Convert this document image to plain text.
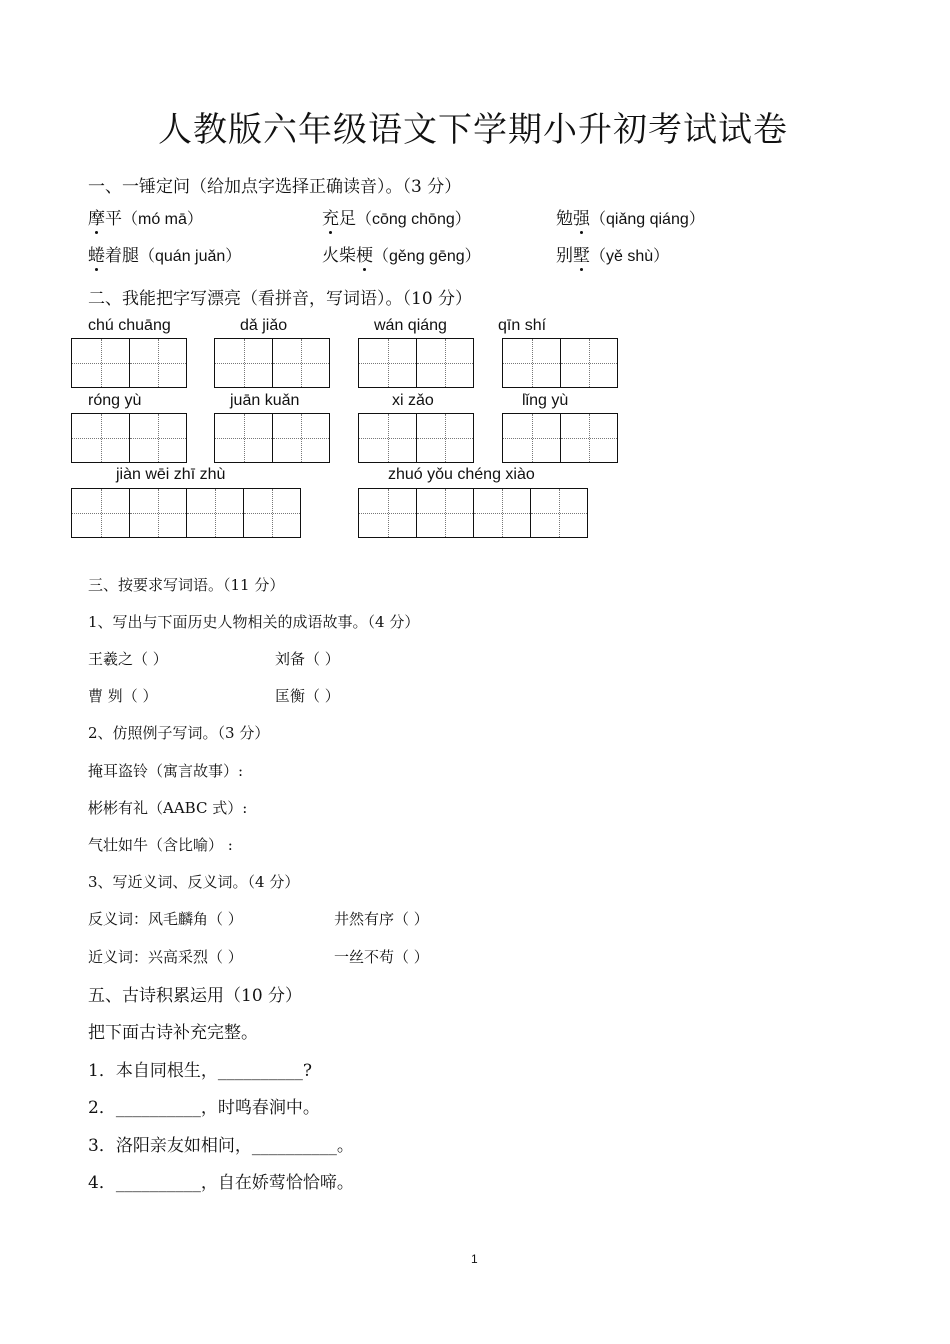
人教版六年级语文下学期小升初考试试卷
一、一锤定问（给加点字选择正确读音）。（3 分）
摩平（mó mā）	充足（cōng chōng）	勉强（qiǎng qiáng）
蜷着腿（quán juǎn）	火柴梗（gěng gēng）	别墅（yě shù）
二、我能把字写漂亮（看拼音，写词语）。（10 分）
chú chuāng	dǎ jiǎo	wán qiáng	qīn shí
róng yù	juān kuǎn	xi zǎo	lǐng yù
jiàn wēi zhī zhù	zhuó yǒu chéng xiào
三、按要求写词语。（11 分）
1、写出与下面历史人物相关的成语故事。（4 分）
王羲之（ ）	刘备（ ）
曹 刿（ ）	匡衡（ ）
2、仿照例子写词。（3 分）
掩耳盗铃（寓言故事）:
彬彬有礼（AABC 式）:
气壮如牛（含比喻） :
3、写近义词、反义词。（4 分）
反义词：风毛麟角（ ）	井然有序（ ）
近义词：兴高采烈（ ）	一丝不苟（ ）
五、古诗积累运用（10 分）
把下面古诗补充完整。
1．本自同根生，__________?
2．__________，时鸣春涧中。
3．洛阳亲友如相问，__________。
4．__________，自在娇莺恰恰啼。
1
